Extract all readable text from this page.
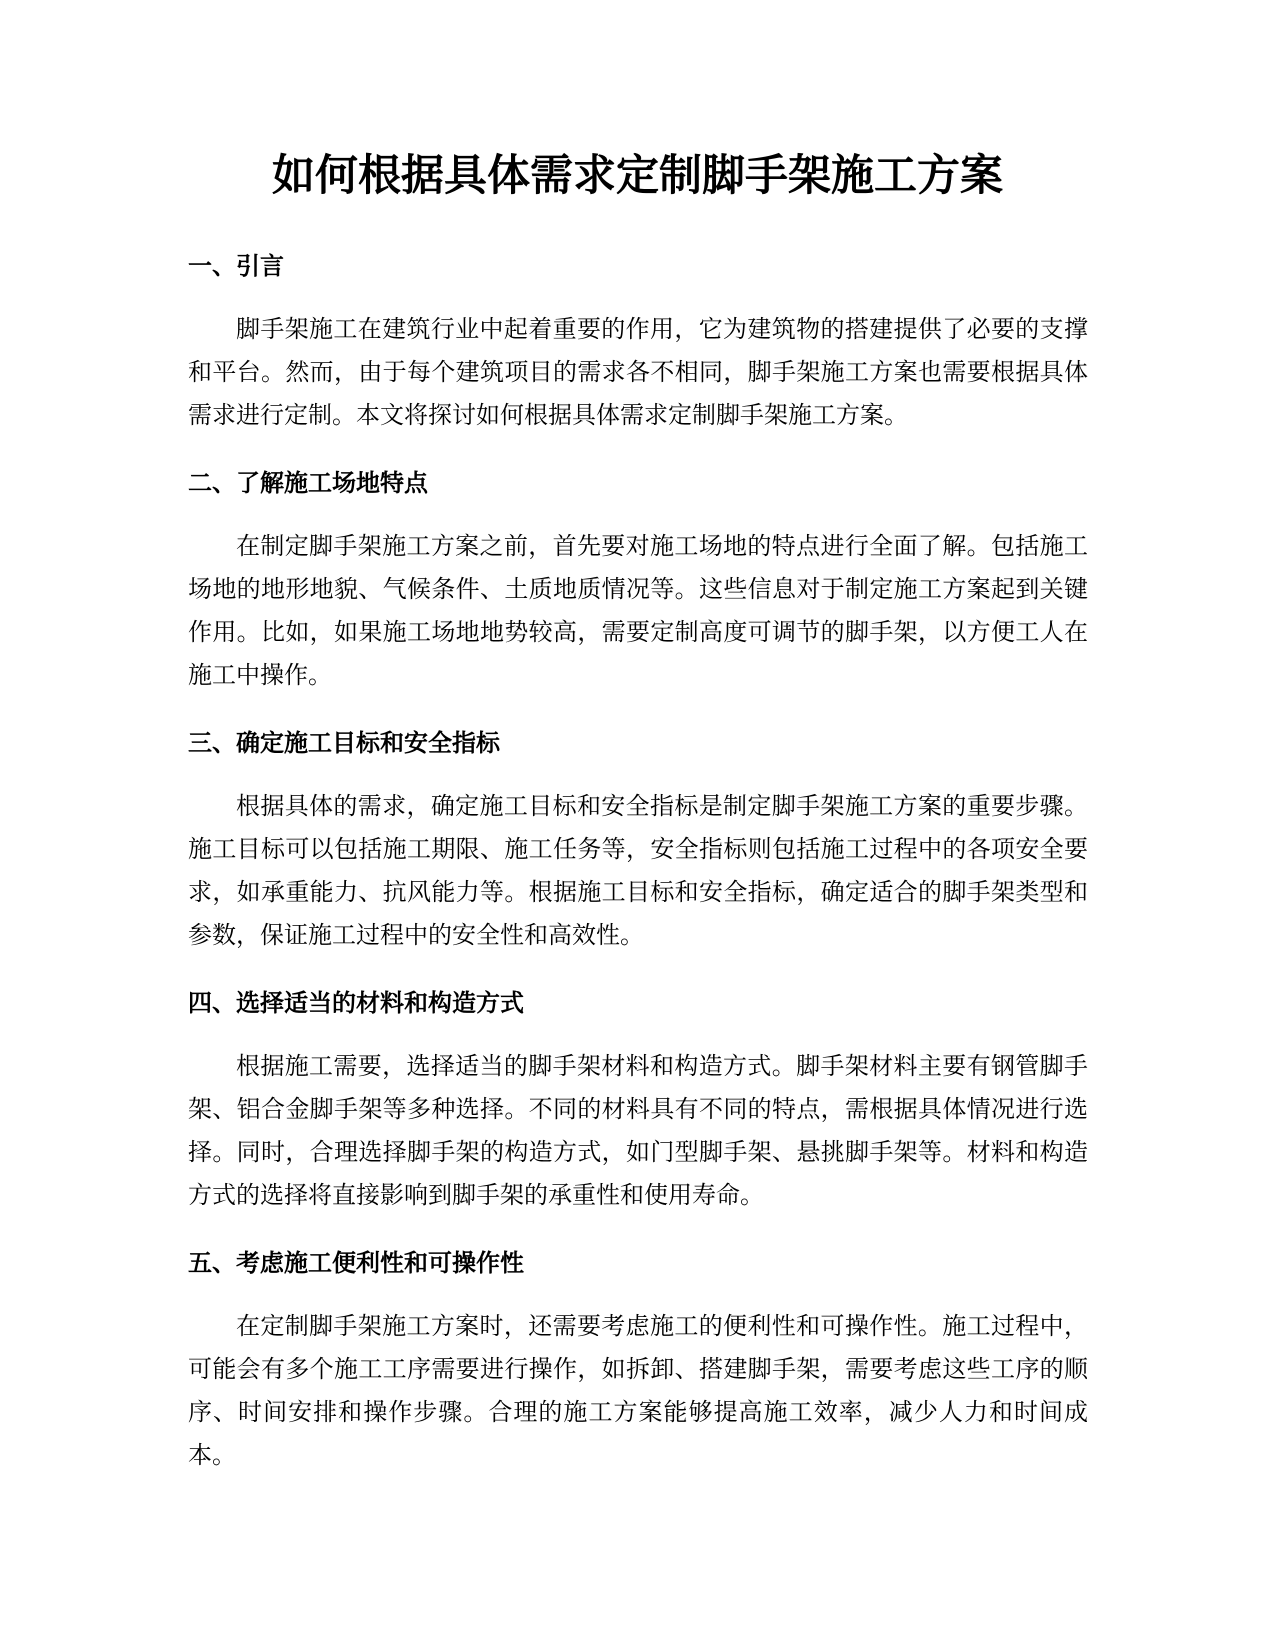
如何根据具体需求定制脚手架施工方案
一、引言

脚手架施工在建筑行业中起着重要的作用，它为建筑物的搭建提供了必要的支撑和平台。然而，由于每个建筑项目的需求各不相同，脚手架施工方案也需要根据具体需求进行定制。本文将探讨如何根据具体需求定制脚手架施工方案。

二、了解施工场地特点

在制定脚手架施工方案之前，首先要对施工场地的特点进行全面了解。包括施工场地的地形地貌、气候条件、土质地质情况等。这些信息对于制定施工方案起到关键作用。比如，如果施工场地地势较高，需要定制高度可调节的脚手架，以方便工人在施工中操作。

三、确定施工目标和安全指标

根据具体的需求，确定施工目标和安全指标是制定脚手架施工方案的重要步骤。施工目标可以包括施工期限、施工任务等，安全指标则包括施工过程中的各项安全要求，如承重能力、抗风能力等。根据施工目标和安全指标，确定适合的脚手架类型和参数，保证施工过程中的安全性和高效性。

四、选择适当的材料和构造方式

根据施工需要，选择适当的脚手架材料和构造方式。脚手架材料主要有钢管脚手架、铝合金脚手架等多种选择。不同的材料具有不同的特点，需根据具体情况进行选择。同时，合理选择脚手架的构造方式，如门型脚手架、悬挑脚手架等。材料和构造方式的选择将直接影响到脚手架的承重性和使用寿命。

五、考虑施工便利性和可操作性

在定制脚手架施工方案时，还需要考虑施工的便利性和可操作性。施工过程中，可能会有多个施工工序需要进行操作，如拆卸、搭建脚手架，需要考虑这些工序的顺序、时间安排和操作步骤。合理的施工方案能够提高施工效率，减少人力和时间成本。
